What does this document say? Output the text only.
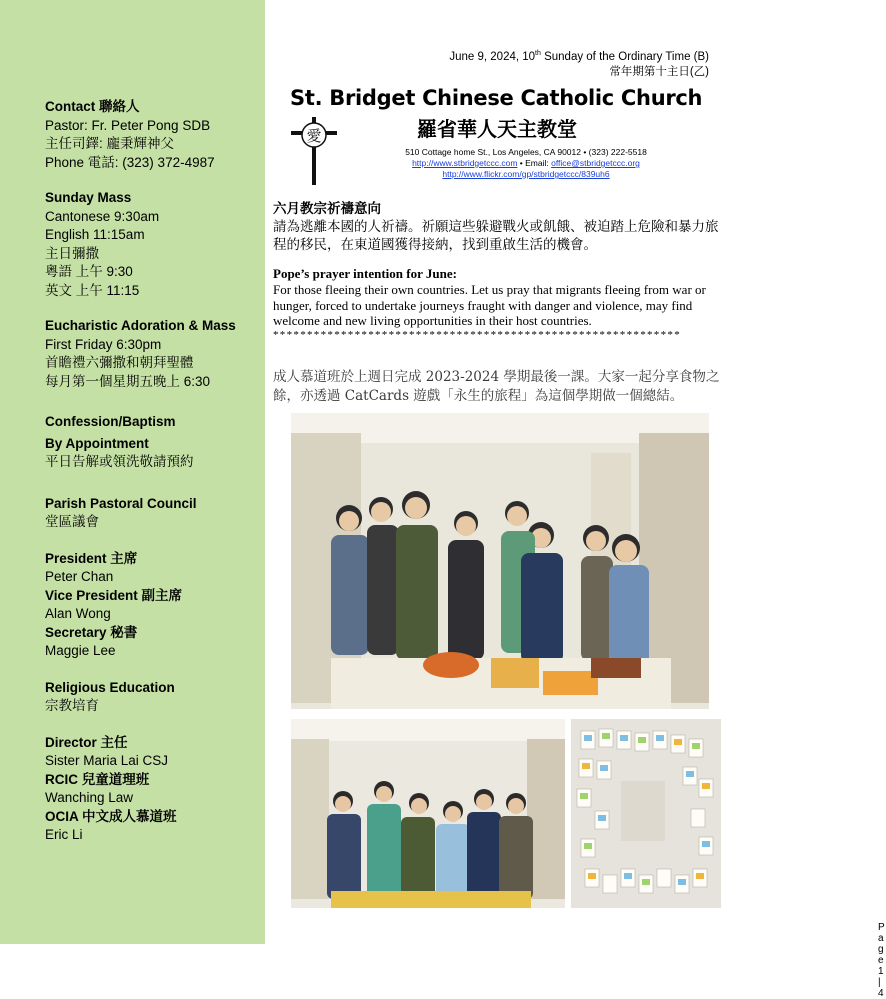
Contact 聯絡人
Pastor: Fr. Peter Pong SDB
主任司鐸: 龐秉輝神父
Phone 電話: (323) 372-4987
Sunday Mass
Cantonese 9:30am
English 11:15am
主日彌撒
粵語 上午 9:30
英文 上午 11:15
Eucharistic Adoration & Mass
First Friday 6:30pm
首瞻禮六彌撒和朝拜聖體
每月第一個星期五晚上 6:30
Confession/Baptism
By Appointment
平日告解或領洗敬請預約
Parish Pastoral Council
堂區議會
President 主席
Peter Chan
Vice President 副主席
Alan Wong
Secretary 秘書
Maggie Lee
Religious Education
宗教培育
Director 主任
Sister Maria Lai CSJ
RCIC 兒童道理班
Wanching Law
OCIA 中文成人慕道班
Eric Li
June 9, 2024, 10th Sunday of the Ordinary Time (B)
常年期第十主日(乙)
St. Bridget Chinese Catholic Church
羅省華人天主教堂
愛
510 Cottage home St., Los Angeles, CA 90012 • (323) 222-5518
http://www.stbridgetccc.com • Email: office@stbridgetccc.org
http://www.flickr.com/gp/stbridgetccc/839uh6
六月教宗祈禱意向
請為逃離本國的人祈禱。祈願這些躲避戰火或飢餓、被迫踏上危險和暴力旅程的移民，在東道國獲得接納，找到重啟生活的機會。
Pope’s prayer intention for June:
For those fleeing their own countries. Let us pray that migrants fleeing from war or hunger, forced to undertake journeys fraught with danger and violence, may find welcome and new living opportunities in their host countries.
************************************************************
成人慕道班於上週日完成 2023-2024 學期最後一課。大家一起分享食物之餘，亦透過 CatCards 遊戲「永生的旅程」為這個學期做一個總結。
P a g e 1 | 4
